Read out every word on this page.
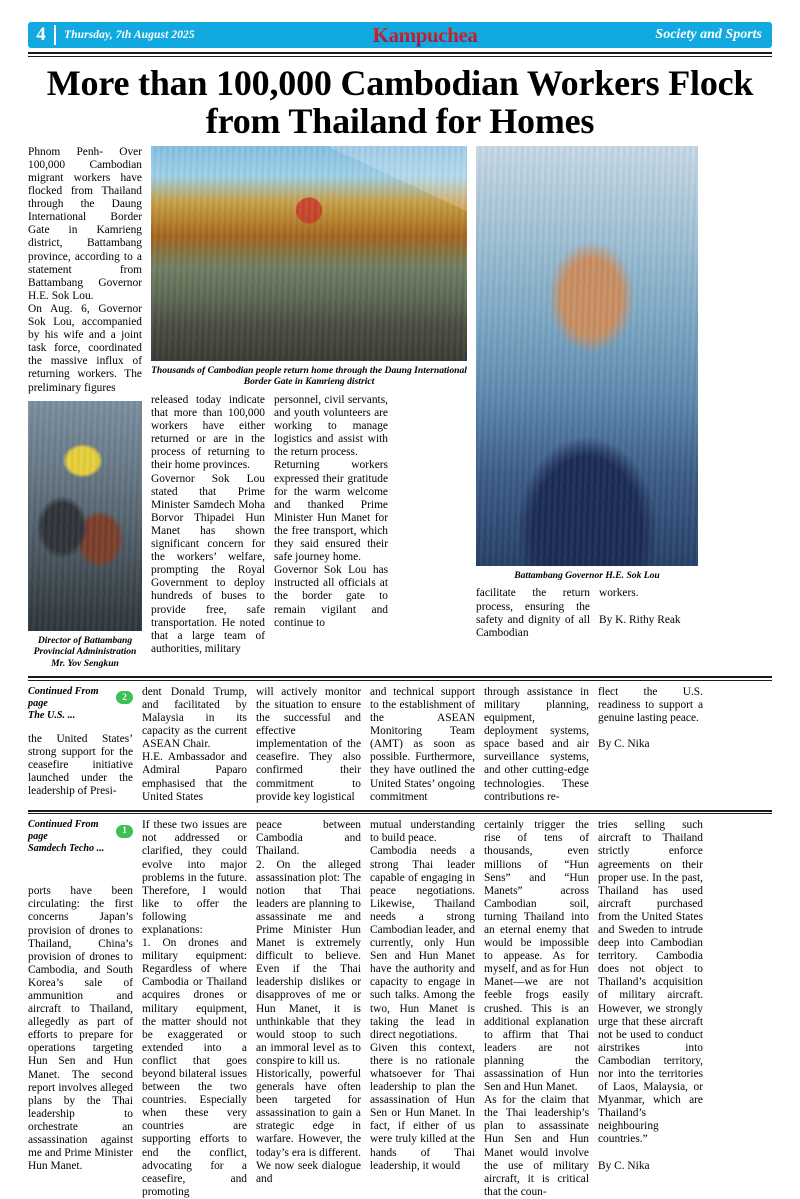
4	Thursday, 7th August 2025	Kampuchea	Society and Sports
More than 100,000 Cambodian Workers Flock from Thailand for Homes

Phnom Penh- Over 100,000 Cambodian migrant workers have flocked from Thailand through the Daung International Border Gate in Kamrieng district, Battambang province, according to a statement from Battambang Governor H.E. Sok Lou.

On Aug. 6, Governor Sok Lou, accompanied by his wife and a joint task force, coordinated the massive influx of returning workers. The preliminary figures

Director of Battambang Provincial Administration Mr. Yov Sengkun

Thousands of Cambodian people return home through the Daung International Border Gate in Kamrieng district

released today indicate that more than 100,000 workers have either returned or are in the process of returning to their home provinces.

Governor Sok Lou stated that Prime Minister Samdech Moha Borvor Thipadei Hun Manet has shown significant concern for the workers’ welfare, prompting the Royal Government to deploy hundreds of buses to provide free, safe transportation. He noted that a large team of authorities, military

personnel, civil servants, and youth volunteers are working to manage logistics and assist with the return process.

Returning workers expressed their gratitude for the warm welcome and thanked Prime Minister Hun Manet for the free transport, which they said ensured their safe journey home.

Governor Sok Lou has instructed all officials at the border gate to remain vigilant and continue to

Battambang Governor H.E. Sok Lou

facilitate the return process, ensuring the safety and dignity of all Cambodian

workers.

By K. Rithy Reak

Continued From page	2
The U.S. ...

the United States’ strong support for the ceasefire initiative launched under the leadership of Presi-

dent Donald Trump, and facilitated by Malaysia in its capacity as the current ASEAN Chair.

H.E. Ambassador and Admiral Paparo emphasised that the United States

will actively monitor the situation to ensure the successful and effective implementation of the ceasefire. They also confirmed their commitment to provide key logistical

and technical support to the establishment of the ASEAN Monitoring Team (AMT) as soon as possible. Furthermore, they have outlined the United States’ ongoing commitment

through assistance in military planning, equipment, deployment systems, space based and air surveillance systems, and other cutting-edge technologies. These contributions re-

flect the U.S. readiness to support a genuine lasting peace.

By C. Nika

Continued From page	1
Samdech Techo ...

ports have been circulating: the first concerns Japan’s provision of drones to Thailand, China’s provision of drones to Cambodia, and South Korea’s sale of ammunition and aircraft to Thailand, allegedly as part of efforts to prepare for operations targeting Hun Sen and Hun Manet. The second report involves alleged plans by the Thai leadership to orchestrate an assassination against me and Prime Minister Hun Manet.

If these two issues are not addressed or clarified, they could evolve into major problems in the future. Therefore, I would like to offer the following explanations:

1. On drones and military equipment: Regardless of where Cambodia or Thailand acquires drones or military equipment, the matter should not be exaggerated or extended into a conflict that goes beyond bilateral issues between the two countries. Especially when these very countries are supporting efforts to end the conflict, advocating for a ceasefire, and promoting

peace between Cambodia and Thailand.

2. On the alleged assassination plot: The notion that Thai leaders are planning to assassinate me and Prime Minister Hun Manet is extremely difficult to believe. Even if the Thai leadership dislikes or disapproves of me or Hun Manet, it is unthinkable that they would stoop to such an immoral level as to conspire to kill us.

Historically, powerful generals have often been targeted for assassination to gain a strategic edge in warfare. However, the today’s era is different. We now seek dialogue and

mutual understanding to build peace.

Cambodia needs a strong Thai leader capable of engaging in peace negotiations. Likewise, Thailand needs a strong Cambodian leader, and currently, only Hun Sen and Hun Manet have the authority and capacity to engage in such talks. Among the two, Hun Manet is taking the lead in direct negotiations.

Given this context, there is no rationale whatsoever for Thai leadership to plan the assassination of Hun Sen or Hun Manet. In fact, if either of us were truly killed at the hands of Thai leadership, it would

certainly trigger the rise of tens of thousands, even millions of “Hun Sens” and “Hun Manets” across Cambodian soil, turning Thailand into an eternal enemy that would be impossible to appease. As for myself, and as for Hun Manet—we are not feeble frogs easily crushed. This is an additional explanation to affirm that Thai leaders are not planning the assassination of Hun Sen and Hun Manet.

As for the claim that the Thai leadership’s plan to assassinate Hun Sen and Hun Manet would involve the use of military aircraft, it is critical that the coun-

tries selling such aircraft to Thailand strictly enforce agreements on their proper use. In the past, Thailand has used aircraft purchased from the United States and Sweden to intrude deep into Cambodian territory. Cambodia does not object to Thailand’s acquisition of military aircraft. However, we strongly urge that these aircraft not be used to conduct airstrikes into Cambodian territory, nor into the territories of Laos, Malaysia, or Myanmar, which are Thailand’s neighbouring countries.”

By C. Nika
